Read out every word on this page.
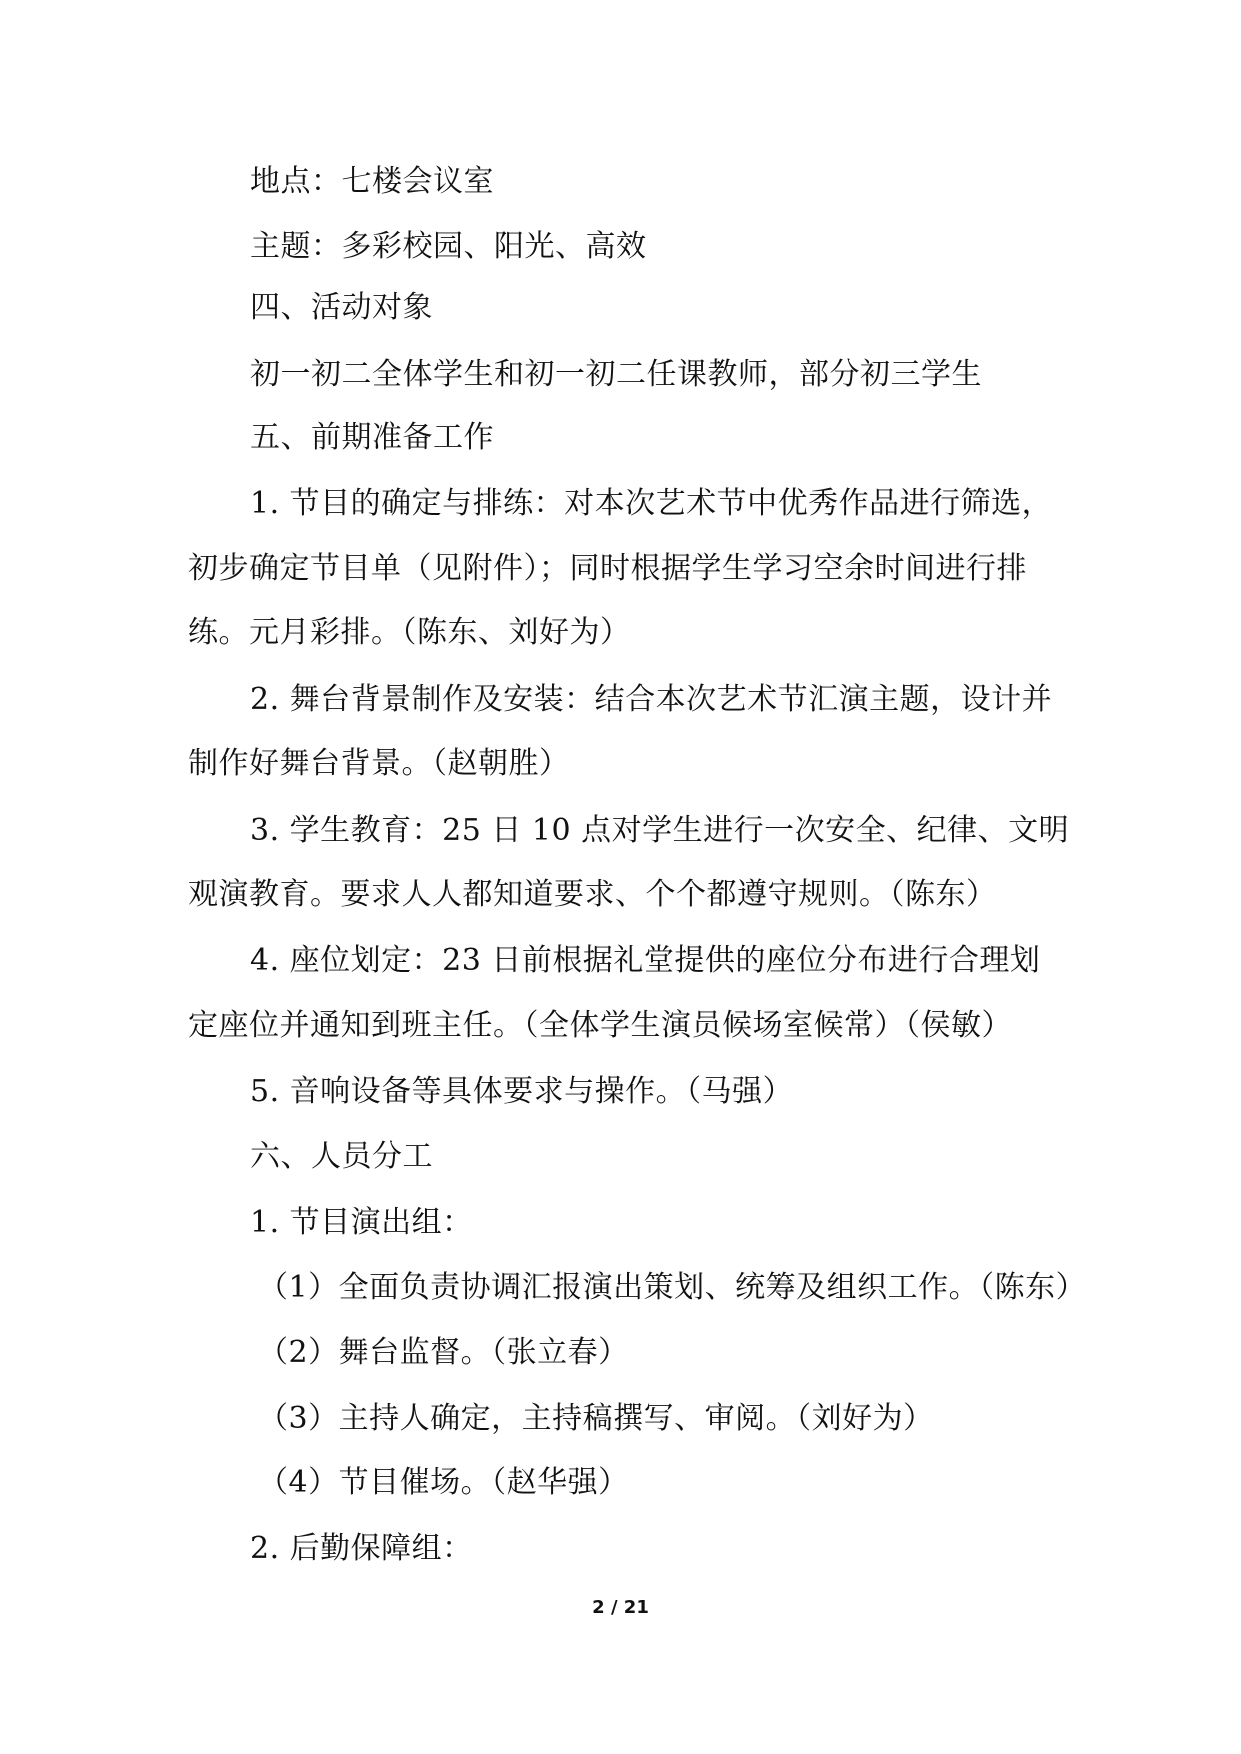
地点：七楼会议室
主题：多彩校园、阳光、高效
四、活动对象
初一初二全体学生和初一初二任课教师，部分初三学生
五、前期准备工作
1. 节目的确定与排练：对本次艺术节中优秀作品进行筛选，
初步确定节目单（见附件）；同时根据学生学习空余时间进行排
练。元月彩排。（陈东、刘好为）
2. 舞台背景制作及安装：结合本次艺术节汇演主题，设计并
制作好舞台背景。（赵朝胜）
3. 学生教育：25 日 10 点对学生进行一次安全、纪律、文明
观演教育。要求人人都知道要求、个个都遵守规则。（陈东）
4. 座位划定：23 日前根据礼堂提供的座位分布进行合理划
定座位并通知到班主任。（全体学生演员候场室候常）（侯敏）
5. 音响设备等具体要求与操作。（马强）
六、人员分工
1. 节目演出组：
（1）全面负责协调汇报演出策划、统筹及组织工作。（陈东）
（2）舞台监督。（张立春）
（3）主持人确定，主持稿撰写、审阅。（刘好为）
（4）节目催场。（赵华强）
2. 后勤保障组：
2 / 21
